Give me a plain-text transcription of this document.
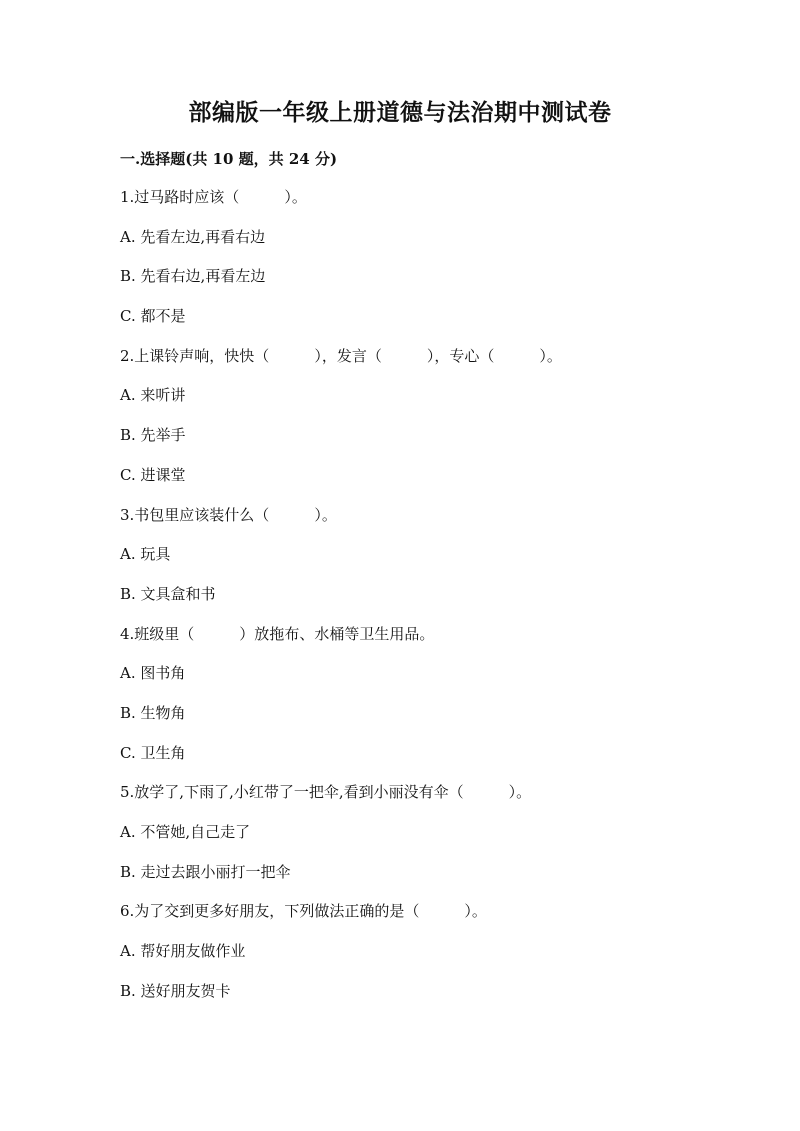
部编版一年级上册道德与法治期中测试卷
一.选择题(共 10 题，共 24 分)
1.过马路时应该（　　　）。
A. 先看左边,再看右边
B. 先看右边,再看左边
C. 都不是
2.上课铃声响，快快（　　　），发言（　　　），专心（　　　）。
A. 来听讲
B. 先举手
C. 进课堂
3.书包里应该装什么（　　　）。
A. 玩具
B. 文具盒和书
4.班级里（　　　）放拖布、水桶等卫生用品。
A. 图书角
B. 生物角
C. 卫生角
5.放学了,下雨了,小红带了一把伞,看到小丽没有伞（　　　）。
A. 不管她,自己走了
B. 走过去跟小丽打一把伞
6.为了交到更多好朋友，下列做法正确的是（　　　）。
A. 帮好朋友做作业
B. 送好朋友贺卡
